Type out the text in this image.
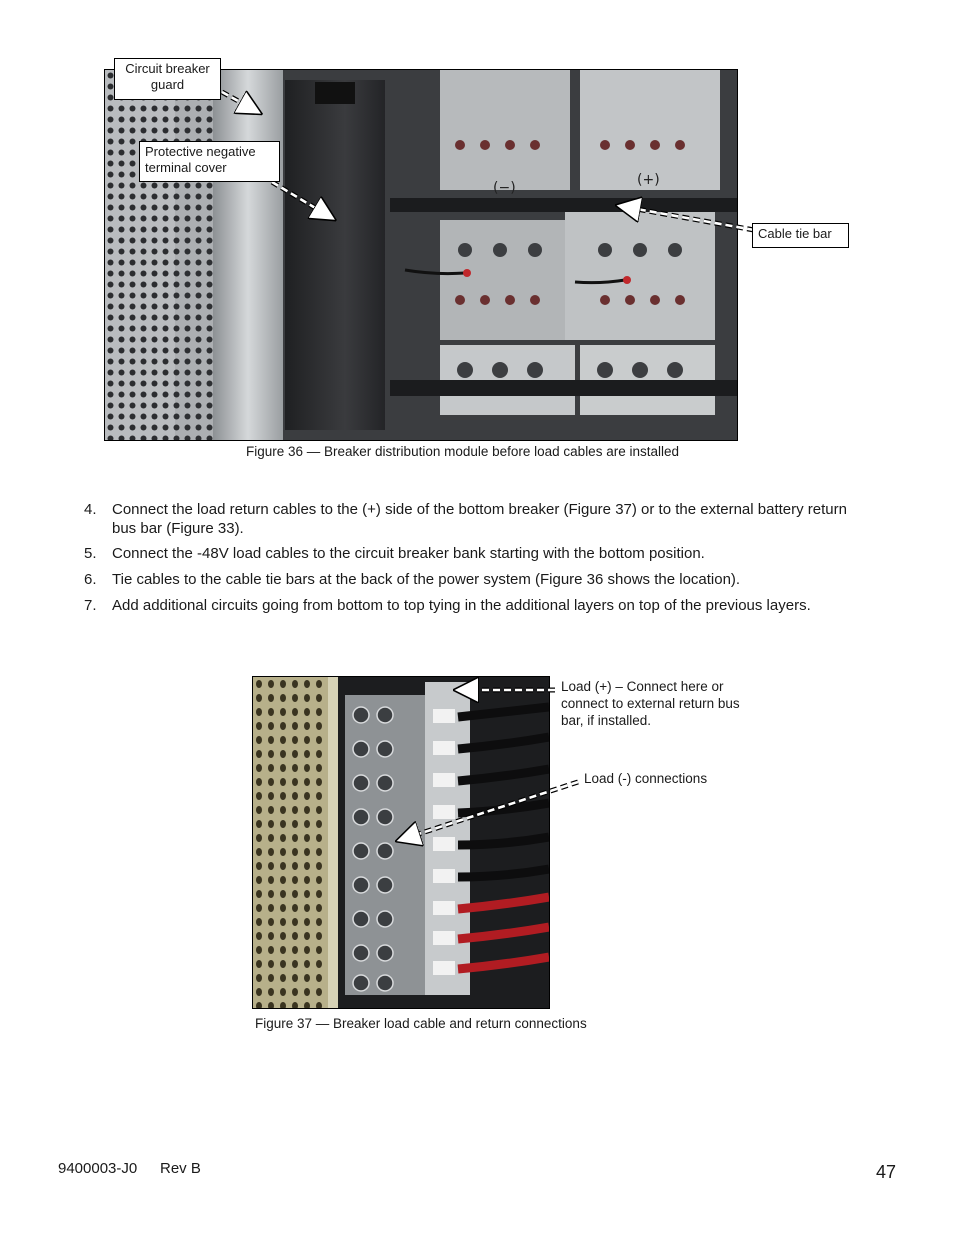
(−)	(+)
Circuit breaker guard
Protective negative terminal cover
Cable tie bar
Figure 36 — Breaker distribution module before load cables are installed
4. Connect the load return cables to the (+) side of the bottom breaker (Figure 37) or to the external battery return bus bar (Figure 33).
5. Connect the -48V load cables to the circuit breaker bank starting with the bottom position.
6. Tie cables to the cable tie bars at the back of the power system (Figure 36 shows the location).
7. Add additional circuits going from bottom to top tying in the additional layers on top of the previous layers.
Load (+) – Connect here or connect to external return bus bar, if installed.
Load (-) connections
Figure 37 — Breaker load cable and return connections
9400003-J0 Rev B	47
